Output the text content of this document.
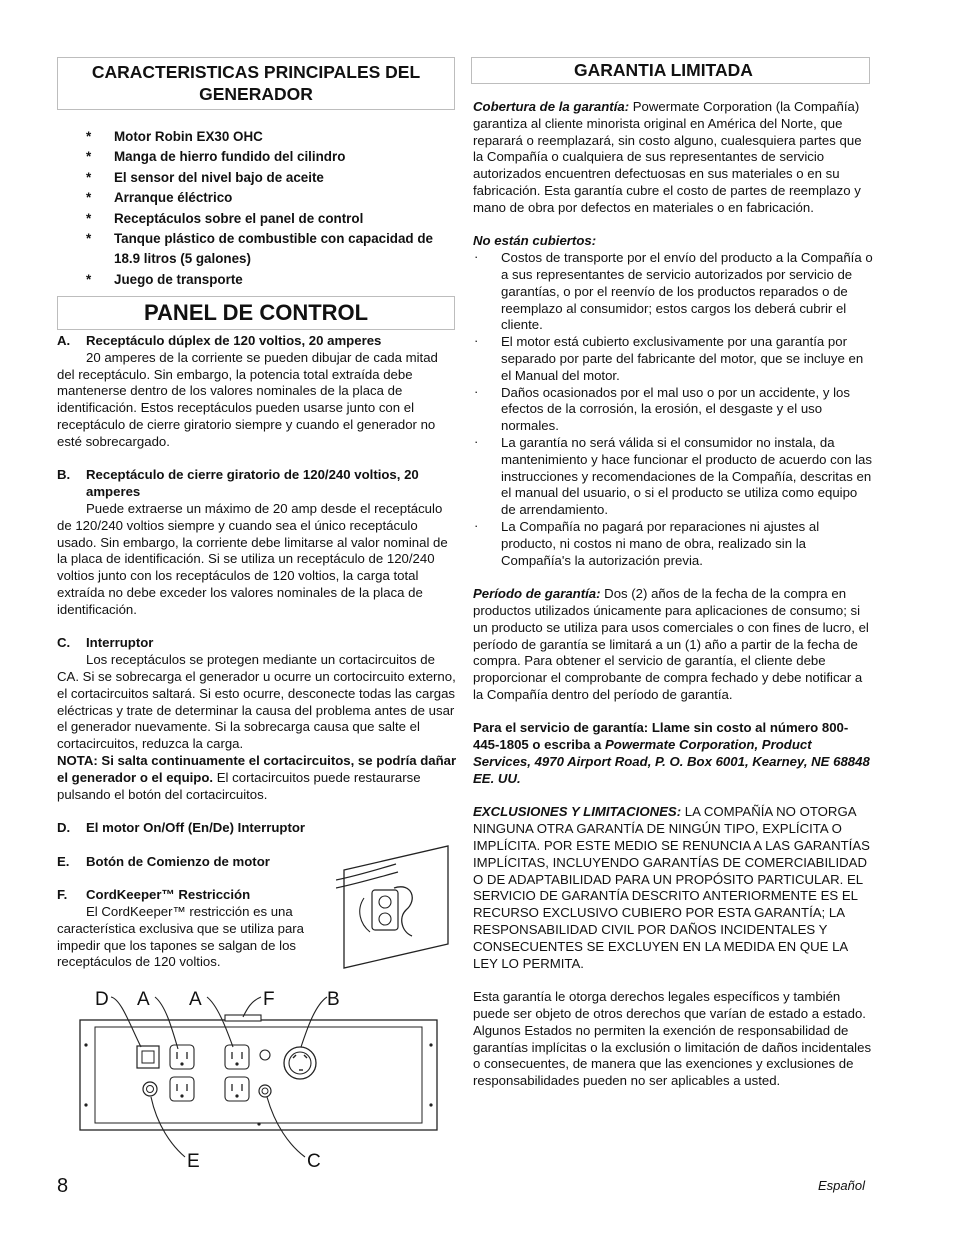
CARACTERISTICAS PRINCIPALES DEL GENERADOR
* Motor Robin EX30 OHC
* Manga de hierro fundido del cilindro
* El sensor del nivel bajo de aceite
* Arranque éléctrico
* Receptáculos sobre el panel de control
* Tanque plástico de combustible con capacidad de 18.9 litros (5 galones)
* Juego de transporte
PANEL DE CONTROL
A.	Receptáculo dúplex de 120 voltios, 20 amperes

20 amperes de la corriente se pueden dibujar de cada mitad del receptáculo. Sin embargo, la potencia total extraída debe mantenerse dentro de los valores nominales de la placa de identificación. Estos receptáculos pueden usarse junto con el receptáculo de cierre giratorio siempre y cuando el generador no esté sobrecargado.

B.	Receptáculo de cierre giratorio de 120/240 voltios, 20 amperes

Puede extraerse un máximo de 20 amp desde el receptáculo de 120/240 voltios siempre y cuando sea el único receptáculo usado. Sin embargo, la corriente debe limitarse al valor nominal de la placa de identificación. Si se utiliza un receptáculo de 120/240 voltios junto con los receptáculos de 120 voltios, la carga total extraída no debe exceder los valores nominales de la placa de identificación.

C.	Interruptor

Los receptáculos se protegen mediante un cortacircuitos de CA. Si se sobrecarga el generador u ocurre un cortocircuito externo, el cortacircuitos saltará. Si esto ocurre, desconecte todas las cargas eléctricas y trate de determinar la causa del problema antes de usar el generador nuevamente. Si la sobrecarga causa que salte el cortacircuitos, reduzca la carga.
NOTA: Si salta continuamente el cortacircuitos, se podría dañar el generador o el equipo. El cortacircuitos puede restaurarse pulsando el botón del cortacircuitos.

D.	El motor On/Off (En/De) Interruptor
E.	Botón de Comienzo de motor
F.	CordKeeper™ Restricción

El CordKeeper™ restricción es una característica exclusiva que se utiliza para impedir que los tapones se salgan de los receptáculos de 120 voltios.

D A A	F	B
E	C
GARANTIA LIMITADA

Cobertura de la garantía: Powermate Corporation (la Compañía) garantiza al cliente minorista original en América del Norte, que reparará o reemplazará, sin costo alguno, cualesquiera partes que la Compañía o cualquiera de sus representantes de servicio autorizados encuentren defectuosas en sus materiales o en su fabricación. Esta garantía cubre el costo de partes de reemplazo y mano de obra por defectos en materiales o en fabricación.

No están cubiertos:
· Costos de transporte por el envío del producto a la Compañía o a sus representantes de servicio autorizados por servicio de garantías, o por el reenvío de los productos reparados o de reemplazo al consumidor; estos cargos los deberá cubrir el cliente.
· El motor está cubierto exclusivamente por una garantía por separado por parte del fabricante del motor, que se incluye en el Manual del motor.
· Daños ocasionados por el mal uso o por un accidente, y los efectos de la corrosión, la erosión, el desgaste y el uso normales.
· La garantía no será válida si el consumidor no instala, da mantenimiento y hace funcionar el producto de acuerdo con las instrucciones y recomendaciones de la Compañía, descritas en el manual del usuario, o si el producto se utiliza como equipo de arrendamiento.
· La Compañía no pagará por reparaciones ni ajustes al producto, ni costos ni mano de obra, realizado sin la Compañía's la autorización previa.

Período de garantía: Dos (2) años de la fecha de la compra en productos utilizados únicamente para aplicaciones de consumo; si un producto se utiliza para usos comerciales o con fines de lucro, el período de garantía se limitará a un (1) año a partir de la fecha de compra. Para obtener el servicio de garantía, el cliente debe proporcionar el comprobante de compra fechado y debe notificar a la Compañía dentro del período de garantía.

Para el servicio de garantía: Llame sin costo al número 800-445-1805 o escriba a Powermate Corporation, Product Services, 4970 Airport Road, P. O. Box 6001, Kearney, NE 68848 EE. UU.

EXCLUSIONES Y LIMITACIONES: LA COMPAÑÍA NO OTORGA NINGUNA OTRA GARANTÍA DE NINGÚN TIPO, EXPLÍCITA O IMPLÍCITA. POR ESTE MEDIO SE RENUNCIA A LAS GARANTÍAS IMPLÍCITAS, INCLUYENDO GARANTÍAS DE COMERCIABILIDAD O DE ADAPTABILIDAD PARA UN PROPÓSITO PARTICULAR. EL SERVICIO DE GARANTÍA DESCRITO ANTERIORMENTE ES EL RECURSO EXCLUSIVO CUBIERO POR ESTA GARANTÍA; LA RESPONSABILIDAD CIVIL POR DAÑOS INCIDENTALES Y CONSECUENTES SE EXCLUYEN EN LA MEDIDA EN QUE LA LEY LO PERMITA.

Esta garantía le otorga derechos legales específicos y también puede ser objeto de otros derechos que varían de estado a estado. Algunos Estados no permiten la exención de responsabilidad de garantías implícitas o la exclusión o limitación de daños incidentales o consecuentes, de manera que las exenciones y exclusiones de responsabilidades pueden no ser aplicables a usted.

8	Español
